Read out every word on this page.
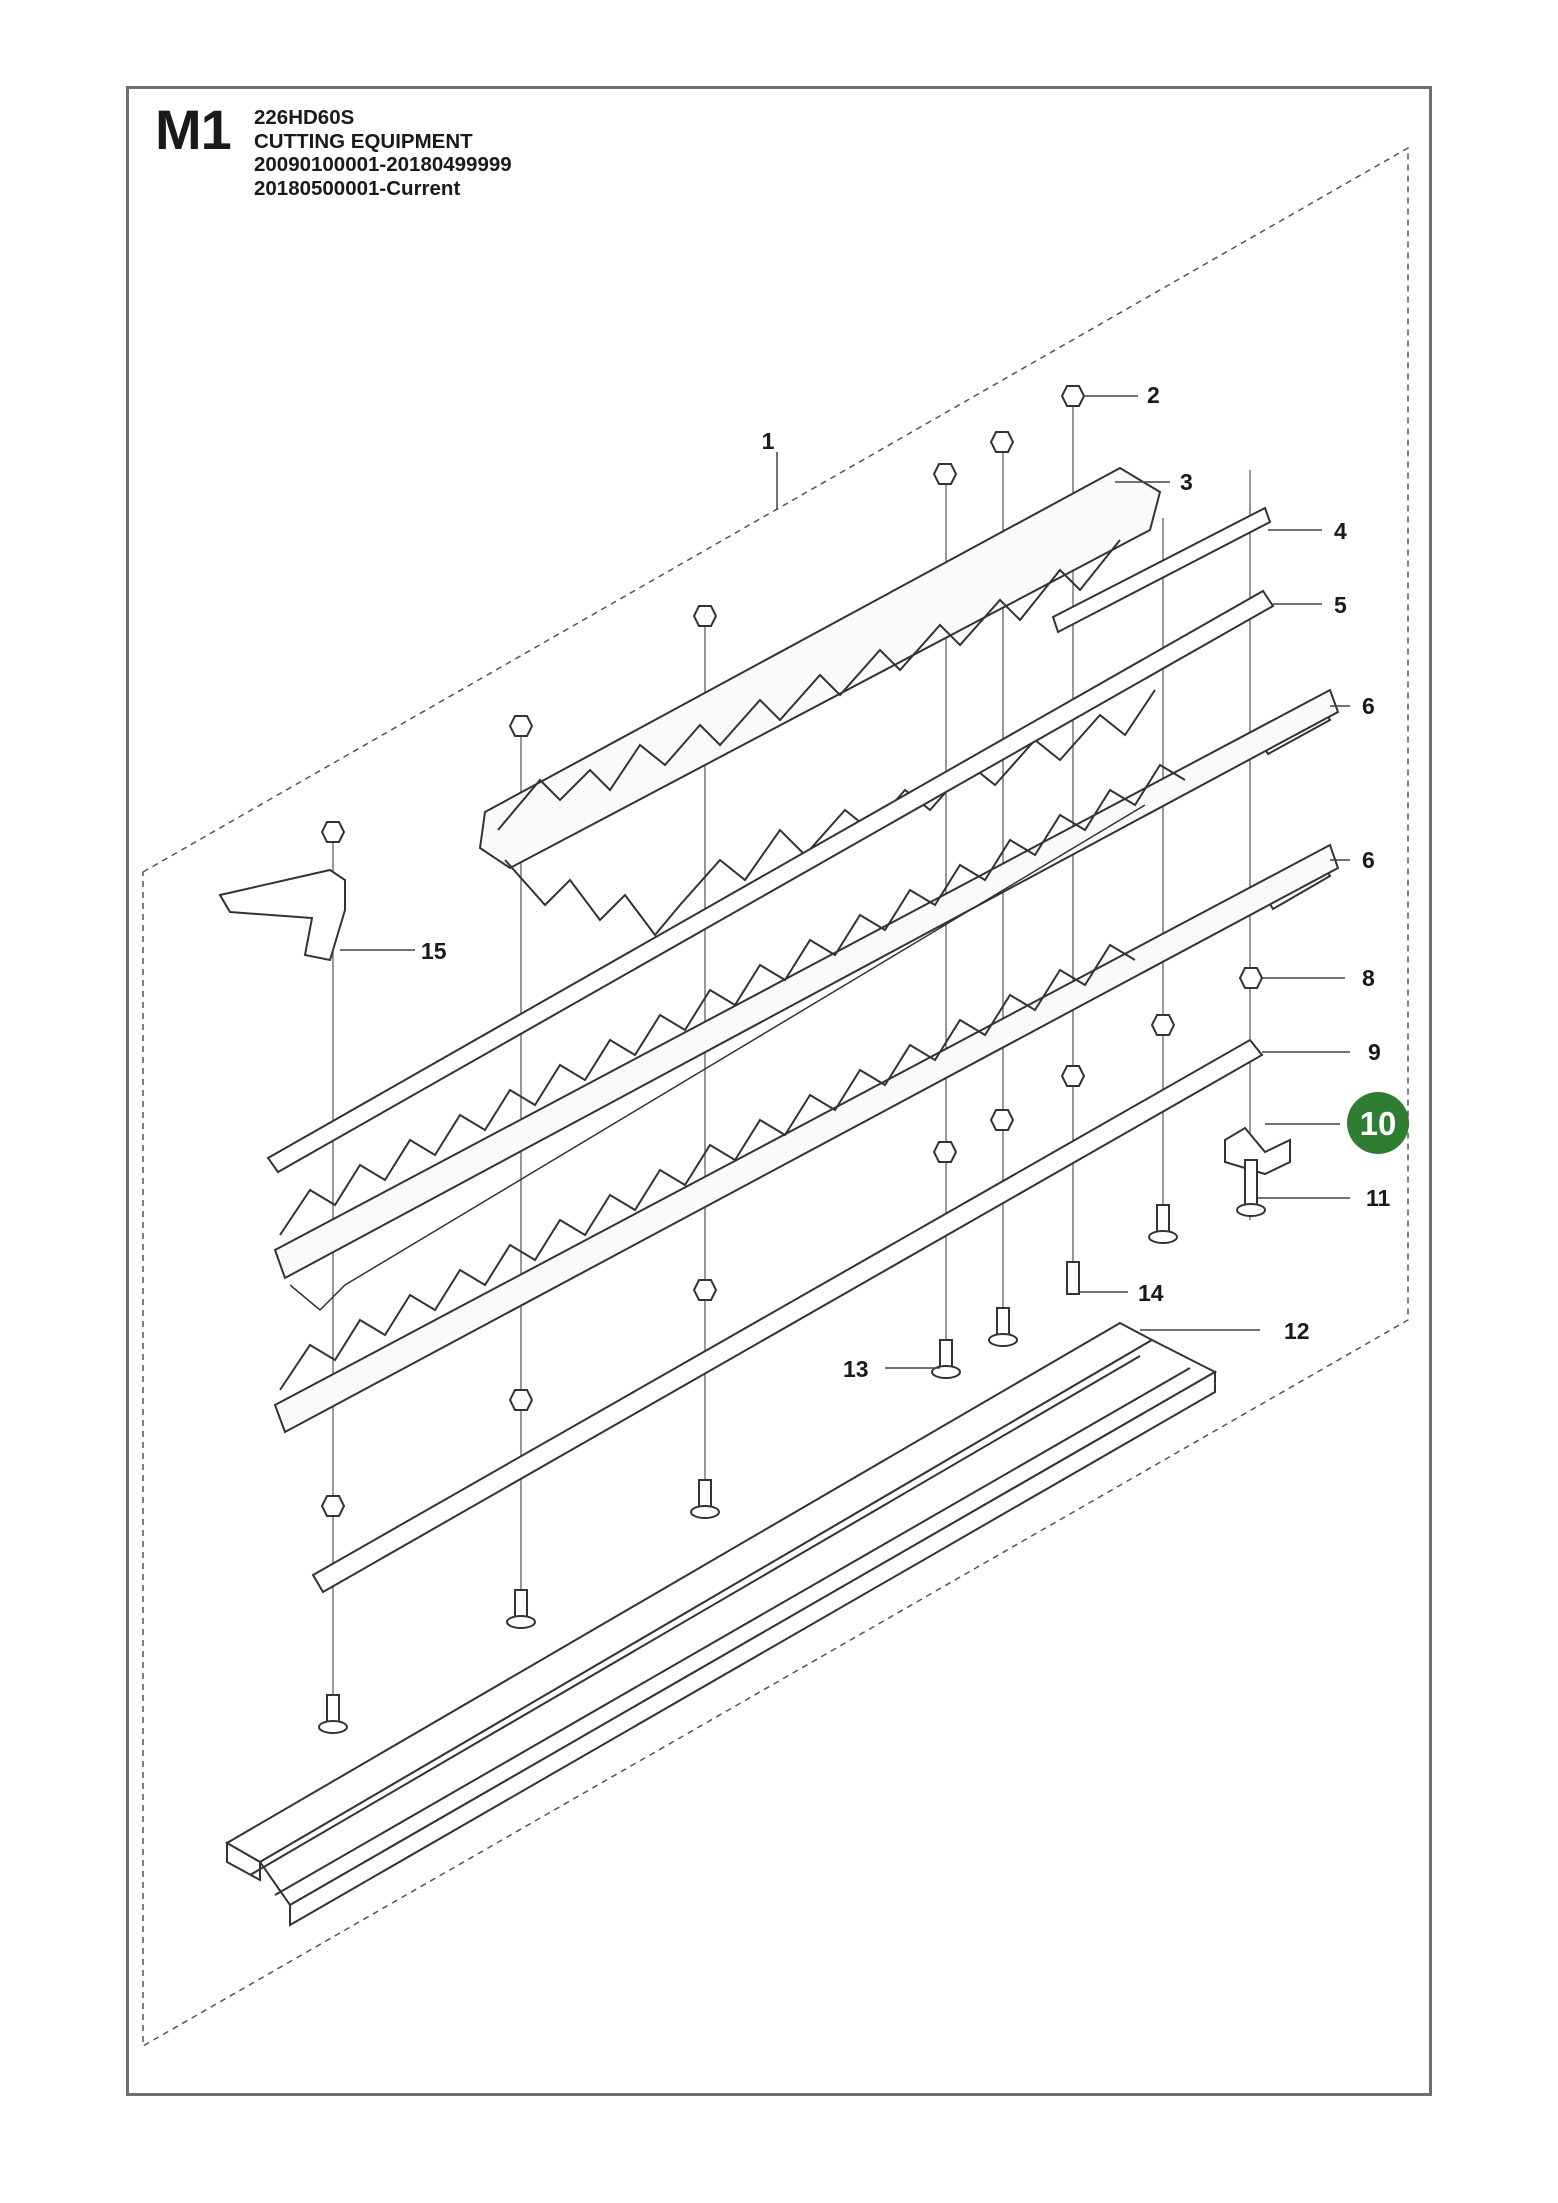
M1 226HD60S
CUTTING EQUIPMENT
20090100001-20180499999
20180500001-Current
1
2
3
4
5
6
6
8
9
10
11
12
13
14
15
